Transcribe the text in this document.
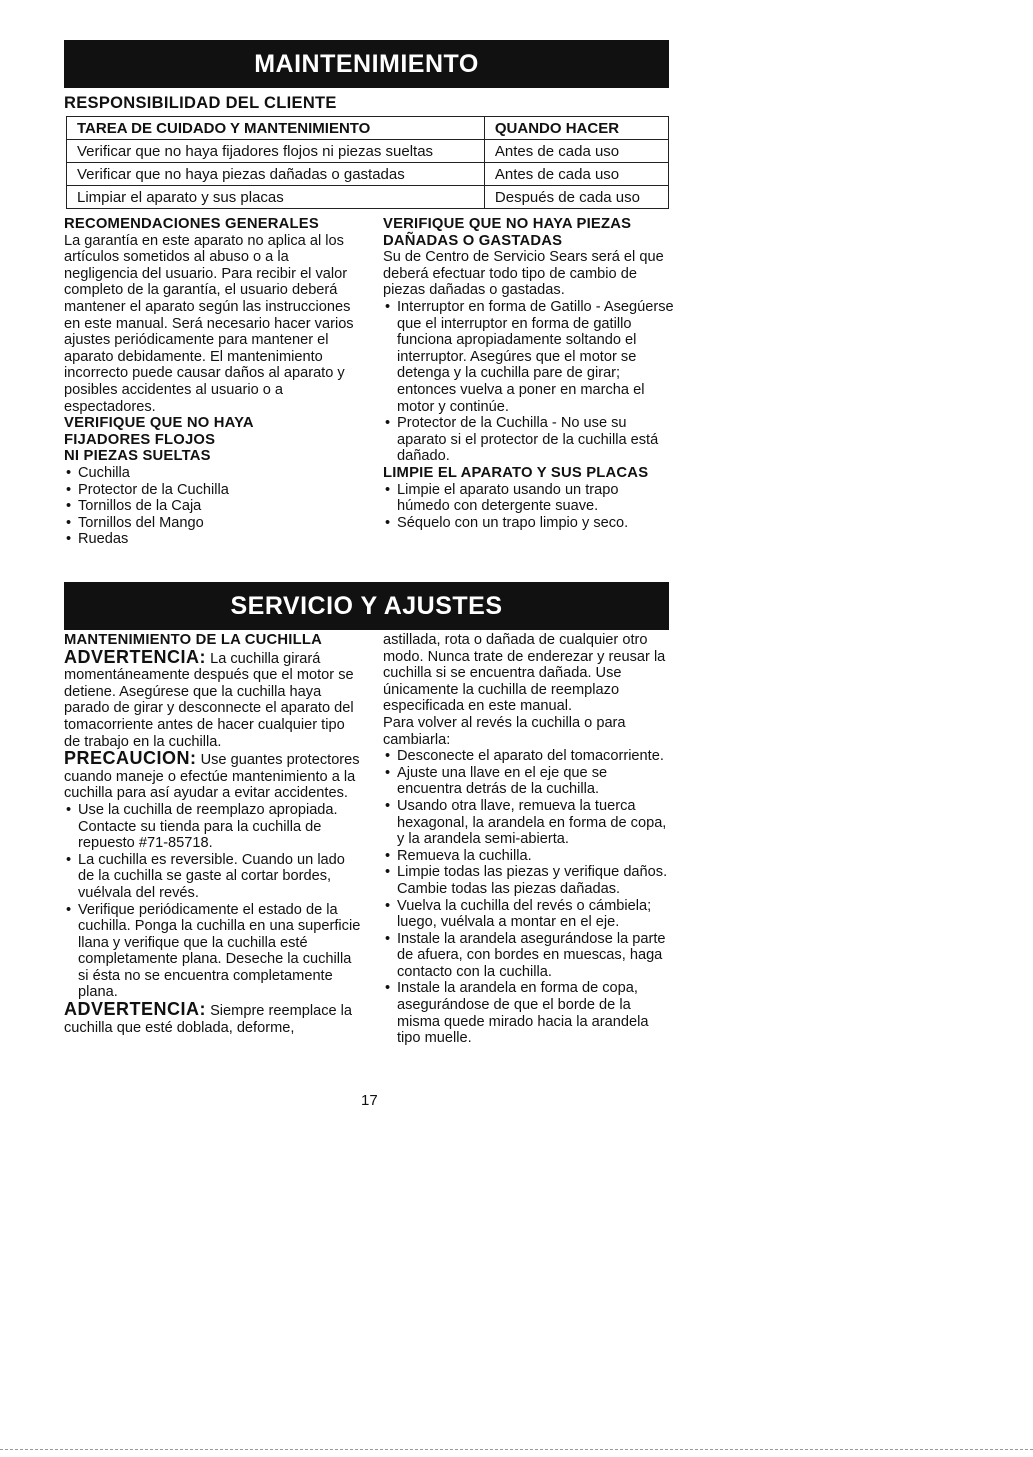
MAINTENIMIENTO
RESPONSIBILIDAD DEL CLIENTE
TAREA DE CUIDADO Y MANTENIMIENTO	QUANDO HACER
Verificar que no haya fijadores flojos ni piezas sueltas	Antes de cada uso
Verificar que no haya piezas dañadas o gastadas	Antes de cada uso
Limpiar el aparato y sus placas	Después de cada uso
RECOMENDACIONES GENERALES

La garantía en este aparato no aplica al los artículos sometidos al abuso o a la negligencia del usuario. Para recibir el valor completo de la garantía, el usuario deberá mantener el aparato según las instrucciones en este manual. Será necesario hacer varios ajustes periódicamente para mantener el aparato debidamente. El mantenimiento incorrecto puede causar daños al aparato y posibles accidentes al usuario o a espectadores.

VERIFIQUE QUE NO HAYA
FIJADORES FLOJOS
NI PIEZAS SUELTAS
• Cuchilla
• Protector de la Cuchilla
• Tornillos de la Caja
• Tornillos del Mango
• Ruedas
VERIFIQUE QUE NO HAYA PIEZAS
DAÑADAS O GASTADAS

Su de Centro de Servicio Sears será el que deberá efectuar todo tipo de cambio de piezas dañadas o gastadas.

• Interruptor en forma de Gatillo - Asegúerse que el interruptor en forma de gatillo funciona apropiadamente soltando el interruptor. Asegúres que el motor se detenga y la cuchilla pare de girar; entonces vuelva a poner en marcha el motor y continúe.
• Protector de la Cuchilla - No use su aparato si el protector de la cuchilla está dañado.
LIMPIE EL APARATO Y SUS PLACAS
• Limpie el aparato usando un trapo húmedo con detergente suave.
• Séquelo con un trapo limpio y seco.
SERVICIO Y AJUSTES
MANTENIMIENTO DE LA CUCHILLA

ADVERTENCIA: La cuchilla girará momentáneamente después que el motor se detiene. Asegúrese que la cuchilla haya parado de girar y desconnecte el aparato del tomacorriente antes de hacer cualquier tipo de trabajo en la cuchilla.

PRECAUCION: Use guantes protectores cuando maneje o efectúe mantenimiento a la cuchilla para así ayudar a evitar accidentes.

• Use la cuchilla de reemplazo apropiada. Contacte su tienda para la cuchilla de repuesto #71-85718.
• La cuchilla es reversible. Cuando un lado de la cuchilla se gaste al cortar bordes, vuélvala del revés.
• Verifique periódicamente el estado de la cuchilla. Ponga la cuchilla en una superficie llana y verifique que la cuchilla esté completamente plana. Deseche la cuchilla si ésta no se encuentra completamente plana.

ADVERTENCIA: Siempre reemplace la cuchilla que esté doblada, deforme,

astillada, rota o dañada de cualquier otro modo. Nunca trate de enderezar y reusar la cuchilla si se encuentra dañada. Use únicamente la cuchilla de reemplazo especificada en este manual.

Para volver al revés la cuchilla o para cambiarla:

• Desconecte el aparato del tomacorriente.
• Ajuste una llave en el eje que se encuentra detrás de la cuchilla.
• Usando otra llave, remueva la tuerca hexagonal, la arandela en forma de copa, y la arandela semi-abierta.
• Remueva la cuchilla.
• Limpie todas las piezas y verifique daños. Cambie todas las piezas dañadas.
• Vuelva la cuchilla del revés o cámbiela; luego, vuélvala a montar en el eje.
• Instale la arandela asegurándose la parte de afuera, con bordes en muescas, haga contacto con la cuchilla.
• Instale la arandela en forma de copa, asegurándose de que el borde de la misma quede mirado hacia la arandela tipo muelle.
17
